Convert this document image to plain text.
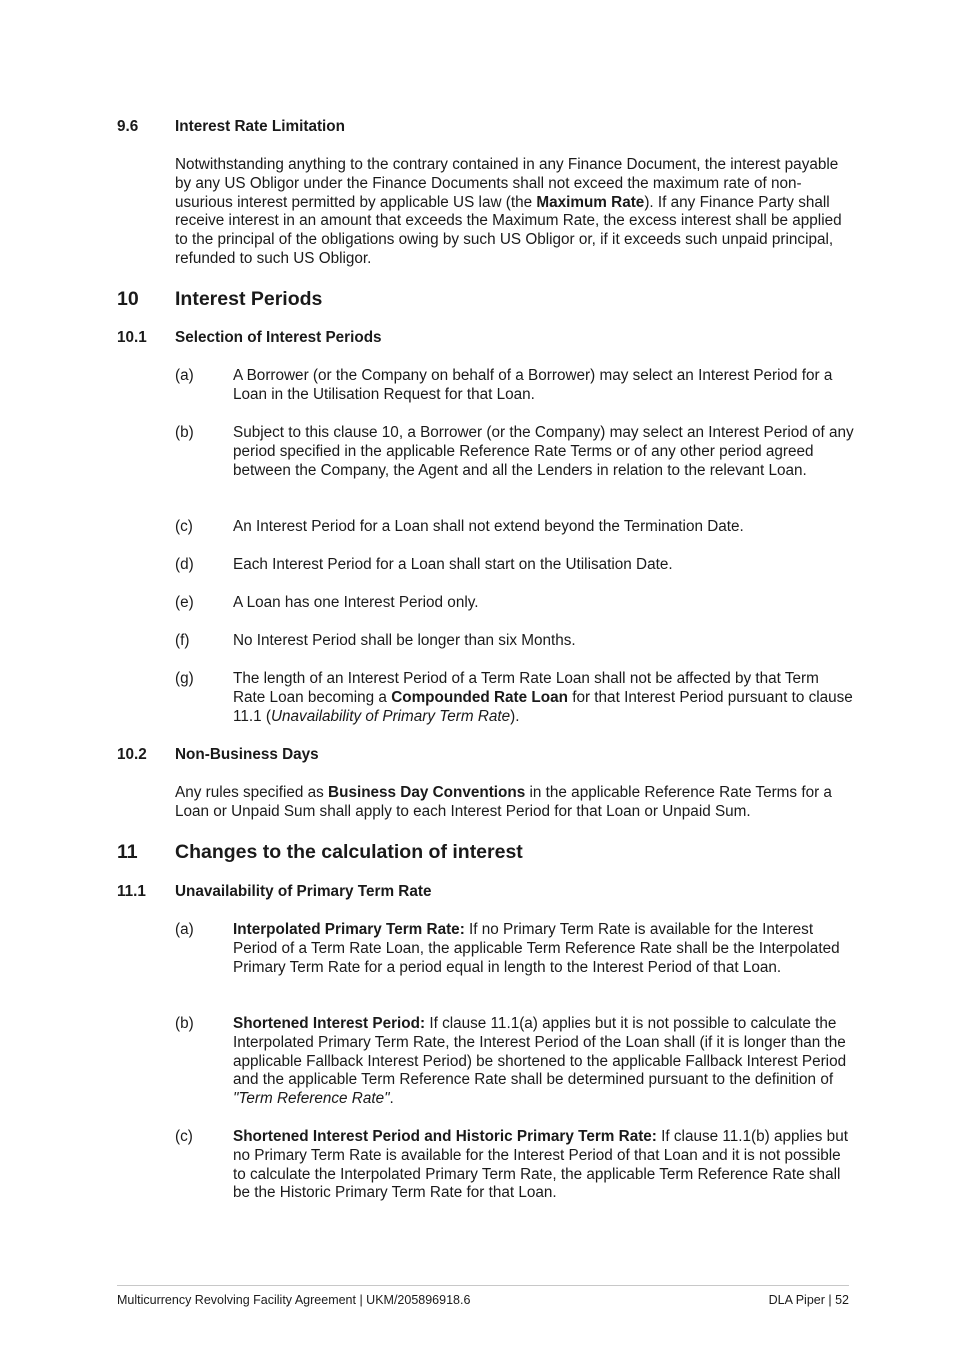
9.6 Interest Rate Limitation
Notwithstanding anything to the contrary contained in any Finance Document, the interest payable by any US Obligor under the Finance Documents shall not exceed the maximum rate of non-usurious interest permitted by applicable US law (the Maximum Rate). If any Finance Party shall receive interest in an amount that exceeds the Maximum Rate, the excess interest shall be applied to the principal of the obligations owing by such US Obligor or, if it exceeds such unpaid principal, refunded to such US Obligor.
10 Interest Periods
10.1 Selection of Interest Periods
(a)	A Borrower (or the Company on behalf of a Borrower) may select an Interest Period for a Loan in the Utilisation Request for that Loan.
(b)	Subject to this clause 10, a Borrower (or the Company) may select an Interest Period of any period specified in the applicable Reference Rate Terms or of any other period agreed between the Company, the Agent and all the Lenders in relation to the relevant Loan.
(c)	An Interest Period for a Loan shall not extend beyond the Termination Date.
(d)	Each Interest Period for a Loan shall start on the Utilisation Date.
(e)	A Loan has one Interest Period only.
(f)	No Interest Period shall be longer than six Months.
(g)	The length of an Interest Period of a Term Rate Loan shall not be affected by that Term Rate Loan becoming a Compounded Rate Loan for that Interest Period pursuant to clause 11.1 (Unavailability of Primary Term Rate).
10.2 Non-Business Days
Any rules specified as Business Day Conventions in the applicable Reference Rate Terms for a Loan or Unpaid Sum shall apply to each Interest Period for that Loan or Unpaid Sum.
11 Changes to the calculation of interest
11.1 Unavailability of Primary Term Rate
(a)	Interpolated Primary Term Rate: If no Primary Term Rate is available for the Interest Period of a Term Rate Loan, the applicable Term Reference Rate shall be the Interpolated Primary Term Rate for a period equal in length to the Interest Period of that Loan.
(b)	Shortened Interest Period: If clause 11.1(a) applies but it is not possible to calculate the Interpolated Primary Term Rate, the Interest Period of the Loan shall (if it is longer than the applicable Fallback Interest Period) be shortened to the applicable Fallback Interest Period and the applicable Term Reference Rate shall be determined pursuant to the definition of "Term Reference Rate".
(c)	Shortened Interest Period and Historic Primary Term Rate: If clause 11.1(b) applies but no Primary Term Rate is available for the Interest Period of that Loan and it is not possible to calculate the Interpolated Primary Term Rate, the applicable Term Reference Rate shall be the Historic Primary Term Rate for that Loan.
Multicurrency Revolving Facility Agreement | UKM/205896918.6	DLA Piper | 52
